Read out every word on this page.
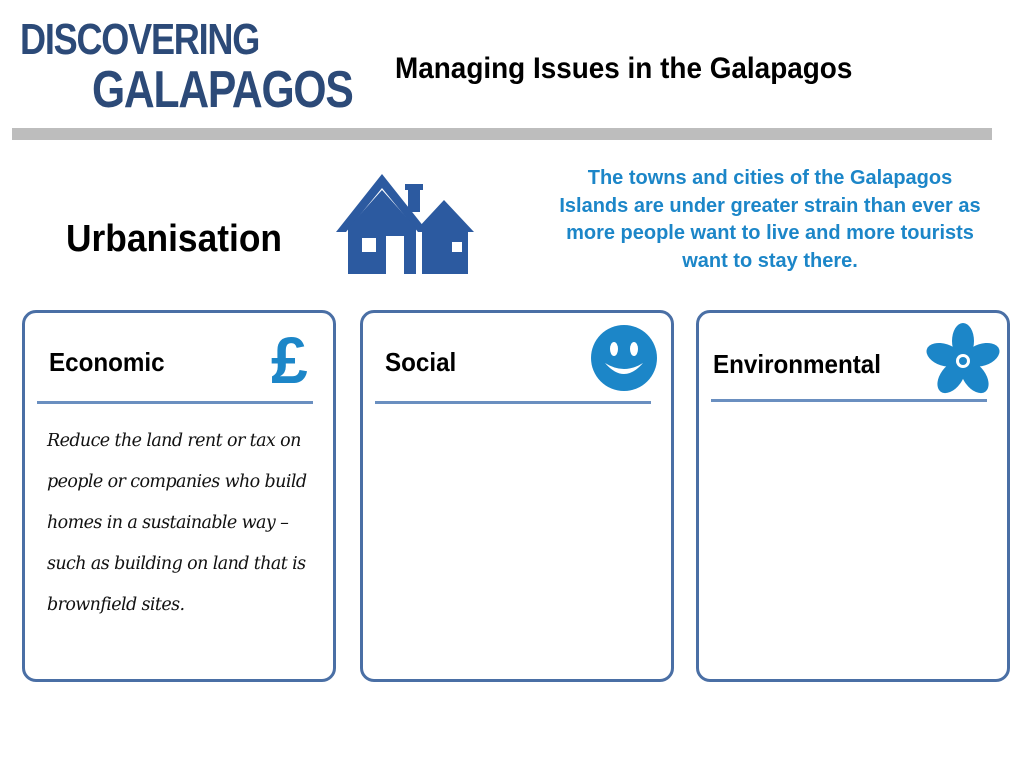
DISCOVERING
GALAPAGOS Managing Issues in the Galapagos
Urbanisation
The towns and cities of the Galapagos Islands are under greater strain than ever as more people want to live and more tourists want to stay there.
Economic £
Reduce the land rent or tax on people or companies who build homes in a sustainable way – such as building on land that is brownfield sites.
Social	Environmental
